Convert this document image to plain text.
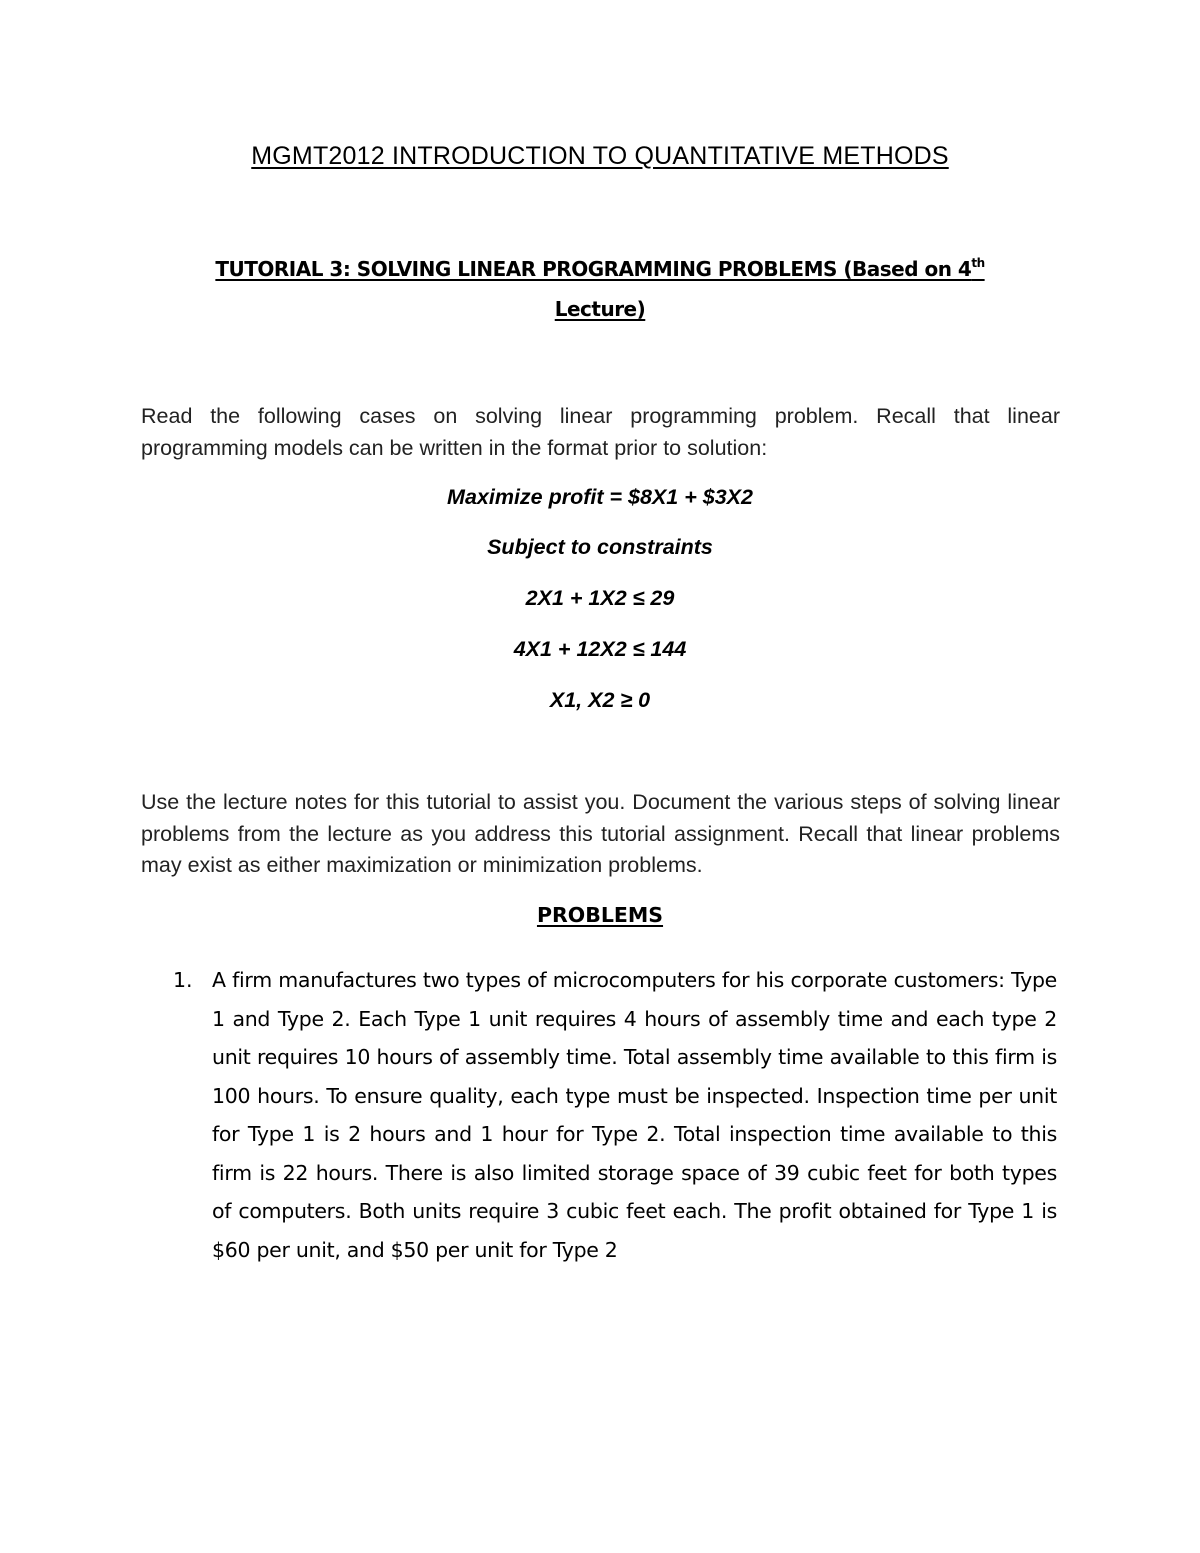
MGMT2012 INTRODUCTION TO QUANTITATIVE METHODS
TUTORIAL 3: SOLVING LINEAR PROGRAMMING PROBLEMS (Based on 4th
Lecture)

Read the following cases on solving linear programming problem. Recall that linear programming models can be written in the format prior to solution:

Maximize profit = $8X1 + $3X2
Subject to constraints
2X1 + 1X2 ≤ 29
4X1 + 12X2 ≤ 144
X1, X2 ≥ 0

Use the lecture notes for this tutorial to assist you. Document the various steps of solving linear problems from the lecture as you address this tutorial assignment. Recall that linear problems may exist as either maximization or minimization problems.

PROBLEMS
1. A firm manufactures two types of microcomputers for his corporate customers: Type 1 and Type 2. Each Type 1 unit requires 4 hours of assembly time and each type 2 unit requires 10 hours of assembly time. Total assembly time available to this firm is 100 hours. To ensure quality, each type must be inspected. Inspection time per unit for Type 1 is 2 hours and 1 hour for Type 2. Total inspection time available to this firm is 22 hours. There is also limited storage space of 39 cubic feet for both types of computers. Both units require 3 cubic feet each. The profit obtained for Type 1 is $60 per unit, and $50 per unit for Type 2
